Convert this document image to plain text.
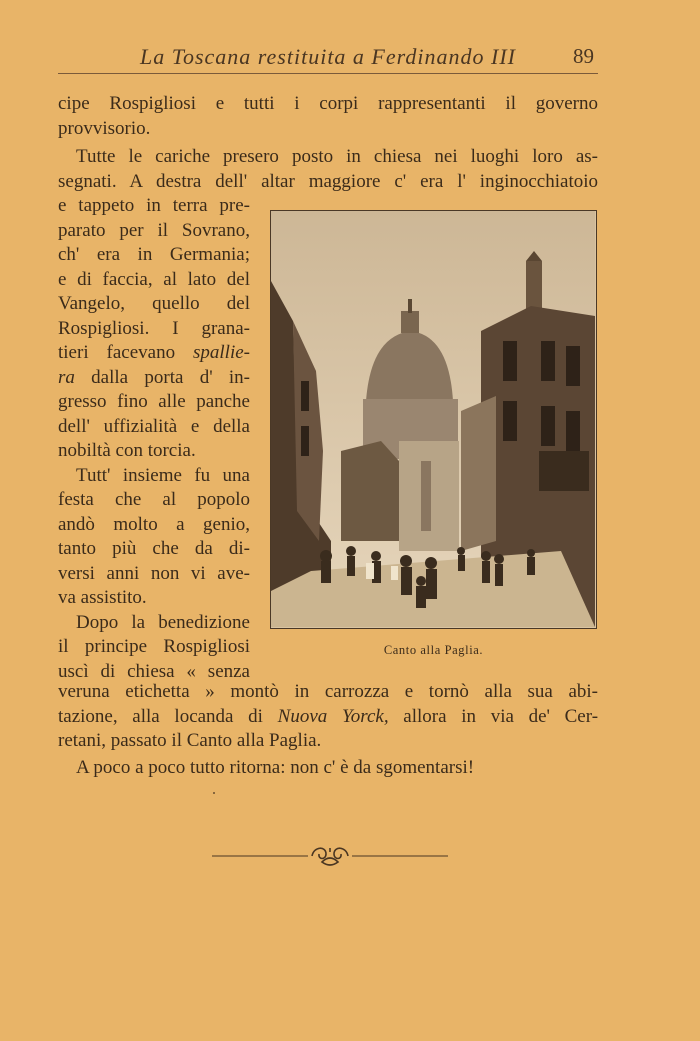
La Toscana restituita a Ferdinando III	89
cipe Rospigliosi e tutti i corpi rappresentanti il governo
provvisorio.
Tutte le cariche presero posto in chiesa nei luoghi loro as-
segnati. A destra dell' altar maggiore c' era l' inginocchiatoio
e tappeto in terra pre-
parato per il Sovrano,
ch' era in Germania;
e di faccia, al lato del
Vangelo, quello del
Rospigliosi. I grana-
tieri facevano spallie-
ra dalla porta d' in-
gresso fino alle panche
dell' uffizialità e della
nobiltà con torcia.
Tutt' insieme fu una
festa che al popolo
andò molto a genio,
tanto più che da di-
versi anni non vi ave-
va assistito.
Dopo la benedizione
il principe Rospigliosi
uscì di chiesa « senza
veruna etichetta » montò in carrozza e tornò alla sua abi-
tazione, alla locanda di Nuova Yorck, allora in via de' Cer-
retani, passato il Canto alla Paglia.
A poco a poco tutto ritorna: non c' è da sgomentarsi!
Canto alla Paglia.
